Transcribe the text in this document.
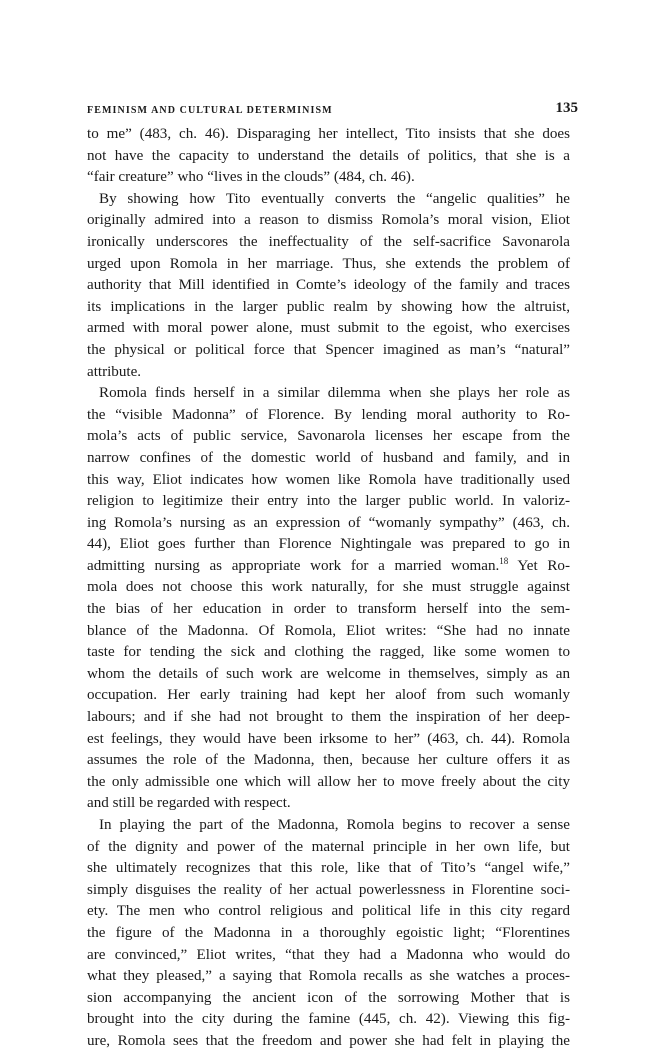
FEMINISM AND CULTURAL DETERMINISM	135
to me” (483, ch. 46). Disparaging her intellect, Tito insists that she does
not have the capacity to understand the details of politics, that she is a
“fair creature” who “lives in the clouds” (484, ch. 46).
By showing how Tito eventually converts the “angelic qualities” he
originally admired into a reason to dismiss Romola’s moral vision, Eliot
ironically underscores the ineffectuality of the self-sacrifice Savonarola
urged upon Romola in her marriage. Thus, she extends the problem of
authority that Mill identified in Comte’s ideology of the family and traces
its implications in the larger public realm by showing how the altruist,
armed with moral power alone, must submit to the egoist, who exercises
the physical or political force that Spencer imagined as man’s “natural”
attribute.
Romola finds herself in a similar dilemma when she plays her role as
the “visible Madonna” of Florence. By lending moral authority to Ro-
mola’s acts of public service, Savonarola licenses her escape from the
narrow confines of the domestic world of husband and family, and in
this way, Eliot indicates how women like Romola have traditionally used
religion to legitimize their entry into the larger public world. In valoriz-
ing Romola’s nursing as an expression of “womanly sympathy” (463, ch.
44), Eliot goes further than Florence Nightingale was prepared to go in
admitting nursing as appropriate work for a married woman.$^{18}$ Yet Ro-
mola does not choose this work naturally, for she must struggle against
the bias of her education in order to transform herself into the sem-
blance of the Madonna. Of Romola, Eliot writes: “She had no innate
taste for tending the sick and clothing the ragged, like some women to
whom the details of such work are welcome in themselves, simply as an
occupation. Her early training had kept her aloof from such womanly
labours; and if she had not brought to them the inspiration of her deep-
est feelings, they would have been irksome to her” (463, ch. 44). Romola
assumes the role of the Madonna, then, because her culture offers it as
the only admissible one which will allow her to move freely about the city
and still be regarded with respect.
In playing the part of the Madonna, Romola begins to recover a sense
of the dignity and power of the maternal principle in her own life, but
she ultimately recognizes that this role, like that of Tito’s “angel wife,”
simply disguises the reality of her actual powerlessness in Florentine soci-
ety. The men who control religious and political life in this city regard
the figure of the Madonna in a thoroughly egoistic light; “Florentines
are convinced,” Eliot writes, “that they had a Madonna who would do
what they pleased,” a saying that Romola recalls as she watches a proces-
sion accompanying the ancient icon of the sorrowing Mother that is
brought into the city during the famine (445, ch. 42). Viewing this fig-
ure, Romola sees that the freedom and power she had felt in playing the
